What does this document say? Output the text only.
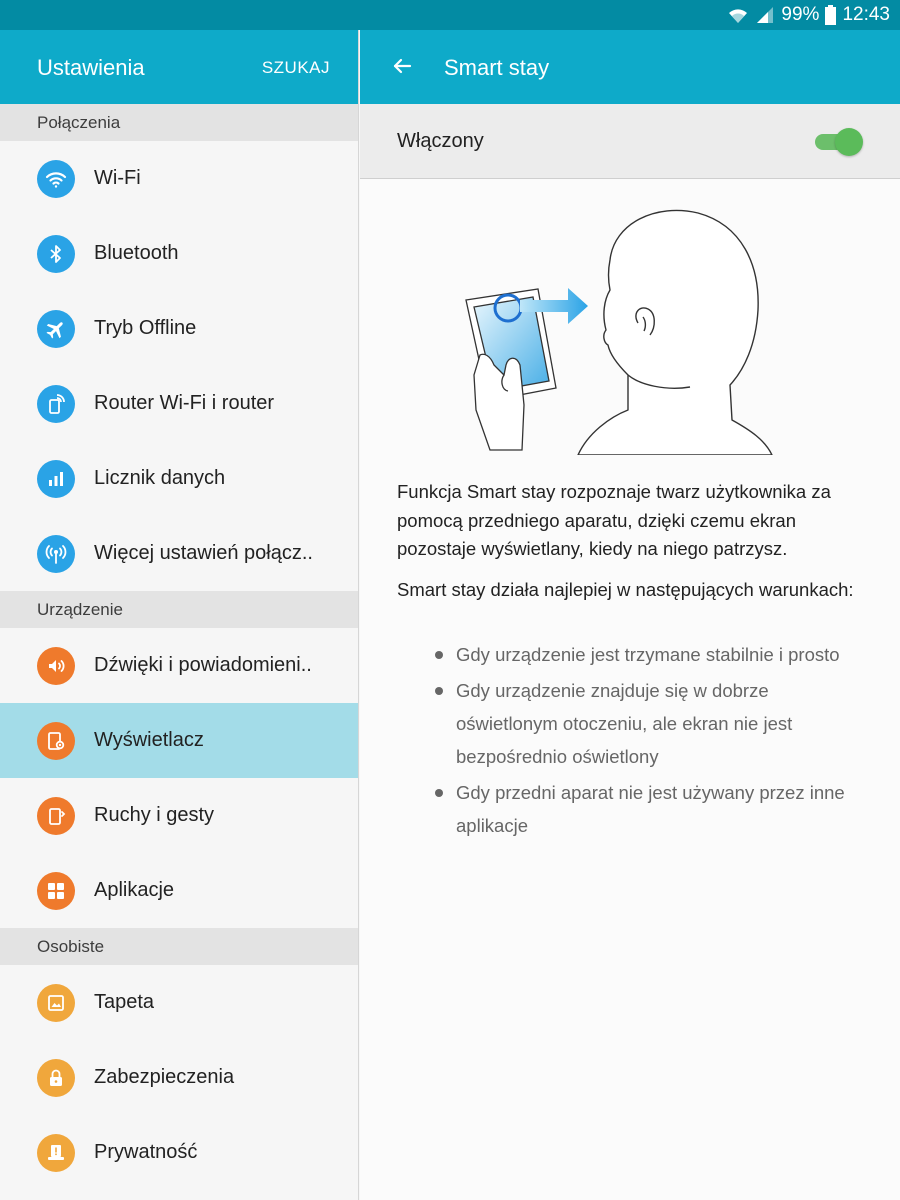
99% 12:43
Ustawienia	SZUKAJ
Połączenia
Wi-Fi
Bluetooth
Tryb Offline
Router Wi-Fi i router
Licznik danych
Więcej ustawień połącz..
Urządzenie
Dźwięki i powiadomieni..
Wyświetlacz
Ruchy i gesty
Aplikacje
Osobiste
Tapeta
Zabezpieczenia
Prywatność
Smart stay
Włączony

Funkcja Smart stay rozpoznaje twarz użytkownika za pomocą przedniego aparatu, dzięki czemu ekran pozostaje wyświetlany, kiedy na niego patrzysz.

Smart stay działa najlepiej w następujących warunkach:

Gdy urządzenie jest trzymane stabilnie i prosto
Gdy urządzenie znajduje się w dobrze oświetlonym otoczeniu, ale ekran nie jest bezpośrednio oświetlony
Gdy przedni aparat nie jest używany przez inne aplikacje
